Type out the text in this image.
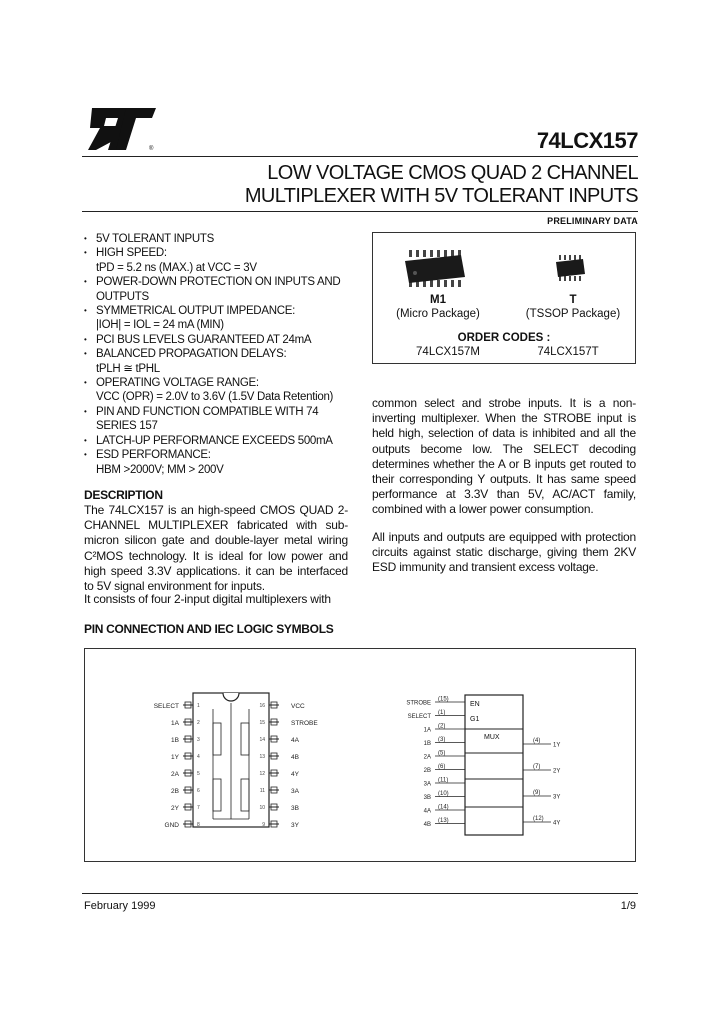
®	74LCX157
LOW VOLTAGE CMOS QUAD 2 CHANNEL
MULTIPLEXER WITH 5V TOLERANT INPUTS
PRELIMINARY DATA
• 5V TOLERANT INPUTS
• HIGH SPEED:
tPD = 5.2 ns (MAX.) at VCC = 3V
• POWER-DOWN PROTECTION ON INPUTS AND OUTPUTS
• SYMMETRICAL OUTPUT IMPEDANCE:
|IOH| = IOL = 24 mA (MIN)
• PCI BUS LEVELS GUARANTEED AT 24mA
• BALANCED PROPAGATION DELAYS:
tPLH ≅ tPHL
• OPERATING VOLTAGE RANGE:
VCC (OPR) = 2.0V to 3.6V (1.5V Data Retention)
• PIN AND FUNCTION COMPATIBLE WITH 74 SERIES 157
• LATCH-UP PERFORMANCE EXCEEDS 500mA
• ESD PERFORMANCE:
HBM >2000V; MM > 200V
M1
(Micro Package)
T
(TSSOP Package)
ORDER CODES :
74LCX157M	74LCX157T
DESCRIPTION
The 74LCX157 is an high-speed CMOS QUAD 2-CHANNEL MULTIPLEXER fabricated with sub-micron silicon gate and double-layer metal wiring C²MOS technology. It is ideal for low power and high speed 3.3V applications. it can be interfaced to 5V signal environment for inputs.
It consists of four 2-input digital multiplexers with
common select and strobe inputs. It is a non-inverting multiplexer. When the STROBE input is held high, selection of data is inhibited and all the outputs become low. The SELECT decoding determines whether the A or B inputs get routed to their corresponding Y outputs. It has same speed performance at 3.3V than 5V, AC/ACT family, combined with a lower power consumption.
All inputs and outputs are equipped with protection circuits against static discharge, giving them 2KV ESD immunity and transient excess voltage.
PIN CONNECTION AND IEC LOGIC SYMBOLS
SELECT	1
1A	2
1B	3
1Y	4
2A	5
2B	6
2Y	7
GND	8
VCC
16
STROBE
15
4A
14
4B
13
4Y
12
3A
11
3B
10
3Y
9
STROBE
(15)
SELECT
(1)
1A
(2)
1B
(3)
2A
(5)
2B
(6)
3A
(11)
3B
(10)
4A
(14)
4B
(13)
1Y
(4)
2Y
(7)
3Y
(9)
4Y
(12)
EN
G1
MUX
February 1999	1/9
